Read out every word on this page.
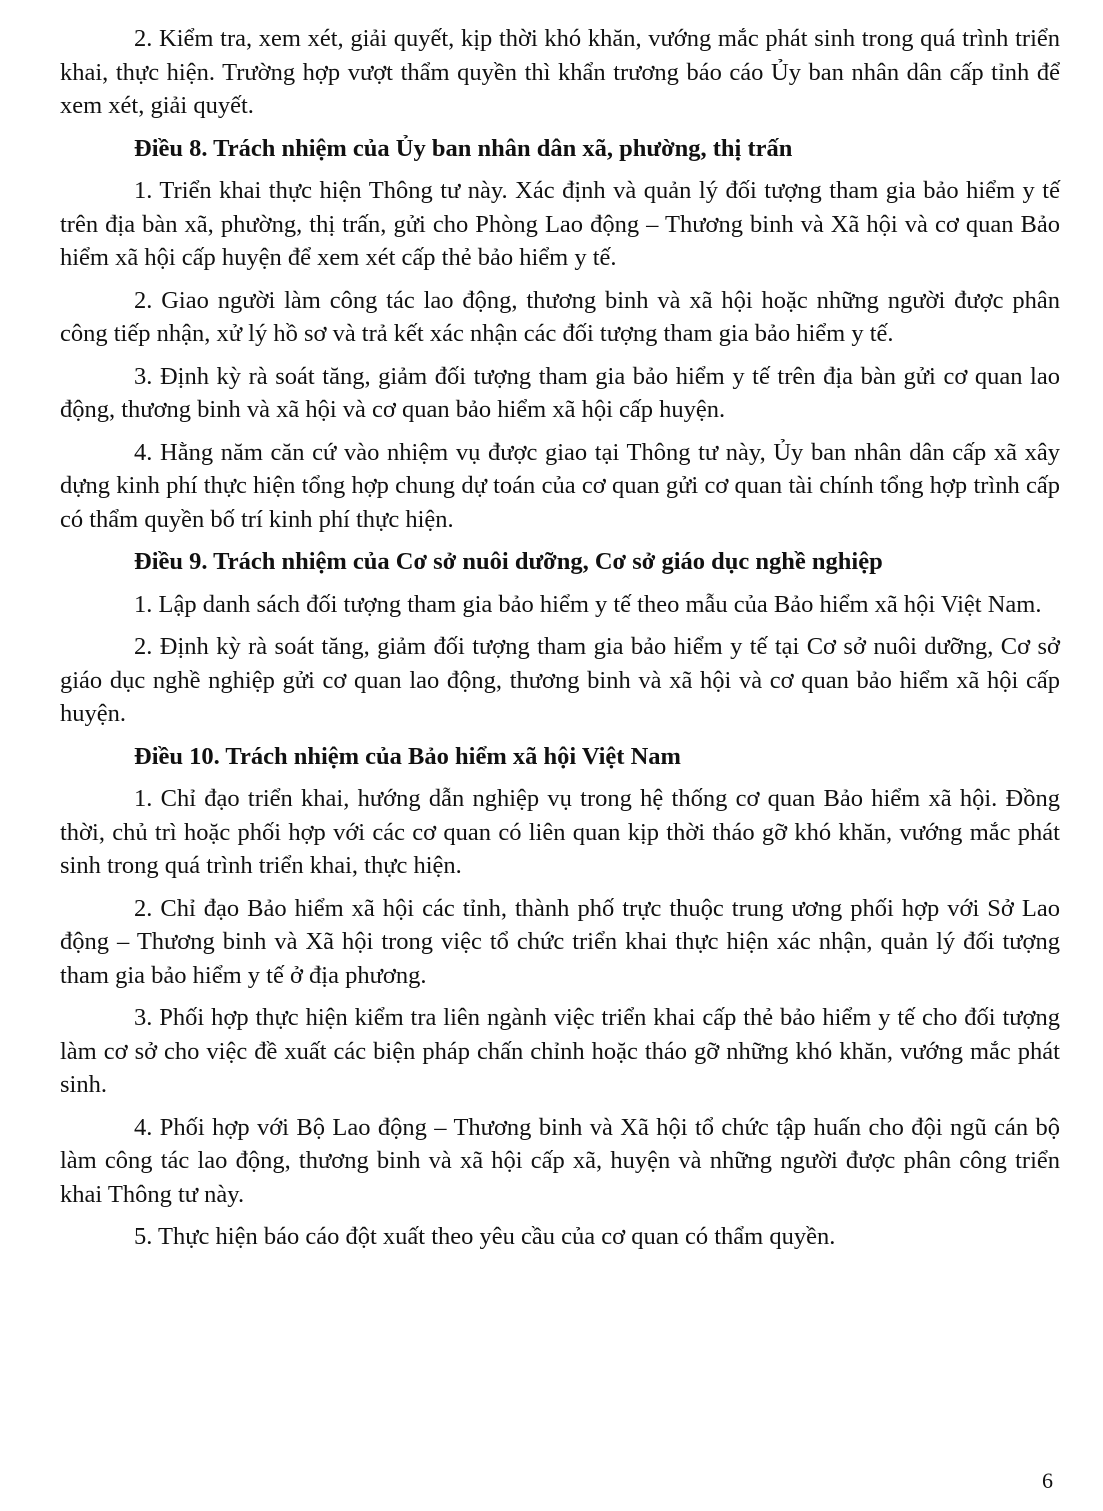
2. Kiểm tra, xem xét, giải quyết, kịp thời khó khăn, vướng mắc phát sinh trong quá trình triển khai, thực hiện. Trường hợp vượt thẩm quyền thì khẩn trương báo cáo Ủy ban nhân dân cấp tỉnh để xem xét, giải quyết.

Điều 8. Trách nhiệm của Ủy ban nhân dân xã, phường, thị trấn

1. Triển khai thực hiện Thông tư này. Xác định và quản lý đối tượng tham gia bảo hiểm y tế trên địa bàn xã, phường, thị trấn, gửi cho Phòng Lao động – Thương binh và Xã hội và cơ quan Bảo hiểm xã hội cấp huyện để xem xét cấp thẻ bảo hiểm y tế.

2. Giao người làm công tác lao động, thương binh và xã hội hoặc những người được phân công tiếp nhận, xử lý hồ sơ và trả kết xác nhận các đối tượng tham gia bảo hiểm y tế.

3. Định kỳ rà soát tăng, giảm đối tượng tham gia bảo hiểm y tế trên địa bàn gửi cơ quan lao động, thương binh và xã hội và cơ quan bảo hiểm xã hội cấp huyện.

4. Hằng năm căn cứ vào nhiệm vụ được giao tại Thông tư này, Ủy ban nhân dân cấp xã xây dựng kinh phí thực hiện tổng hợp chung dự toán của cơ quan gửi cơ quan tài chính tổng hợp trình cấp có thẩm quyền bố trí kinh phí thực hiện.

Điều 9. Trách nhiệm của Cơ sở nuôi dưỡng, Cơ sở giáo dục nghề nghiệp

1. Lập danh sách đối tượng tham gia bảo hiểm y tế theo mẫu của Bảo hiểm xã hội Việt Nam.

2. Định kỳ rà soát tăng, giảm đối tượng tham gia bảo hiểm y tế tại Cơ sở nuôi dưỡng, Cơ sở giáo dục nghề nghiệp gửi cơ quan lao động, thương binh và xã hội và cơ quan bảo hiểm xã hội cấp huyện.

Điều 10. Trách nhiệm của Bảo hiểm xã hội Việt Nam

1. Chỉ đạo triển khai, hướng dẫn nghiệp vụ trong hệ thống cơ quan Bảo hiểm xã hội. Đồng thời, chủ trì hoặc phối hợp với các cơ quan có liên quan kịp thời tháo gỡ khó khăn, vướng mắc phát sinh trong quá trình triển khai, thực hiện.

2. Chỉ đạo Bảo hiểm xã hội các tỉnh, thành phố trực thuộc trung ương phối hợp với Sở Lao động – Thương binh và Xã hội trong việc tổ chức triển khai thực hiện xác nhận, quản lý đối tượng tham gia bảo hiểm y tế ở địa phương.

3. Phối hợp thực hiện kiểm tra liên ngành việc triển khai cấp thẻ bảo hiểm y tế cho đối tượng làm cơ sở cho việc đề xuất các biện pháp chấn chỉnh hoặc tháo gỡ những khó khăn, vướng mắc phát sinh.

4. Phối hợp với Bộ Lao động – Thương binh và Xã hội tổ chức tập huấn cho đội ngũ cán bộ làm công tác lao động, thương binh và xã hội cấp xã, huyện và những người được phân công triển khai Thông tư này.

5. Thực hiện báo cáo đột xuất theo yêu cầu của cơ quan có thẩm quyền.

6
